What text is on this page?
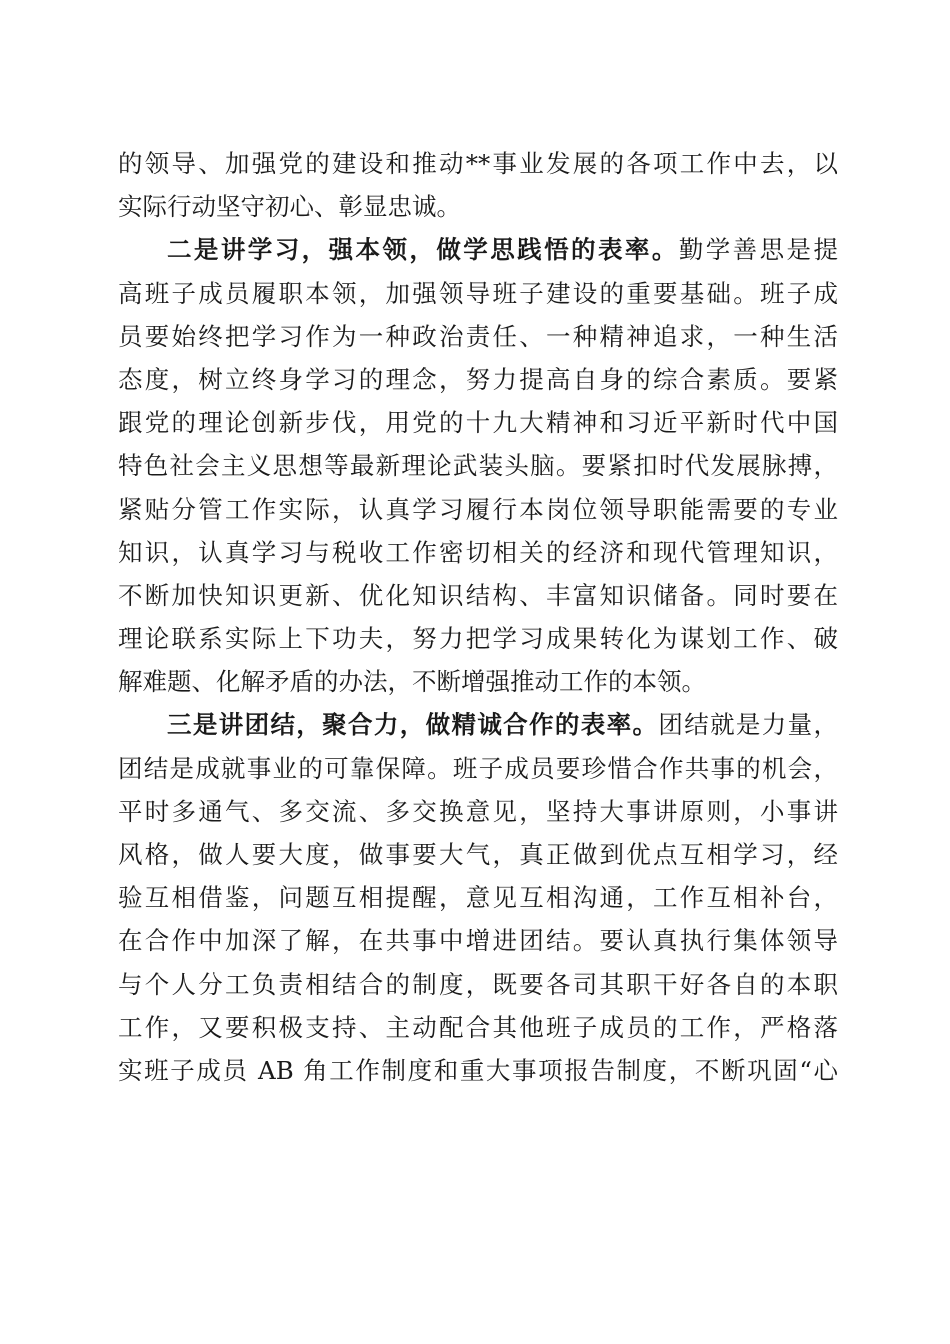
的领导、加强党的建设和推动**事业发展的各项工作中去，以
实际行动坚守初心、彰显忠诚。
二是讲学习，强本领，做学思践悟的表率。勤学善思是提
高班子成员履职本领，加强领导班子建设的重要基础。班子成
员要始终把学习作为一种政治责任、一种精神追求，一种生活
态度，树立终身学习的理念，努力提高自身的综合素质。要紧
跟党的理论创新步伐，用党的十九大精神和习近平新时代中国
特色社会主义思想等最新理论武装头脑。要紧扣时代发展脉搏，
紧贴分管工作实际，认真学习履行本岗位领导职能需要的专业
知识，认真学习与税收工作密切相关的经济和现代管理知识，
不断加快知识更新、优化知识结构、丰富知识储备。同时要在
理论联系实际上下功夫，努力把学习成果转化为谋划工作、破
解难题、化解矛盾的办法，不断增强推动工作的本领。
三是讲团结，聚合力，做精诚合作的表率。团结就是力量，
团结是成就事业的可靠保障。班子成员要珍惜合作共事的机会，
平时多通气、多交流、多交换意见，坚持大事讲原则，小事讲
风格，做人要大度，做事要大气，真正做到优点互相学习，经
验互相借鉴，问题互相提醒，意见互相沟通，工作互相补台，
在合作中加深了解，在共事中增进团结。要认真执行集体领导
与个人分工负责相结合的制度，既要各司其职干好各自的本职
工作，又要积极支持、主动配合其他班子成员的工作，严格落
实班子成员 AB 角工作制度和重大事项报告制度，不断巩固“心
